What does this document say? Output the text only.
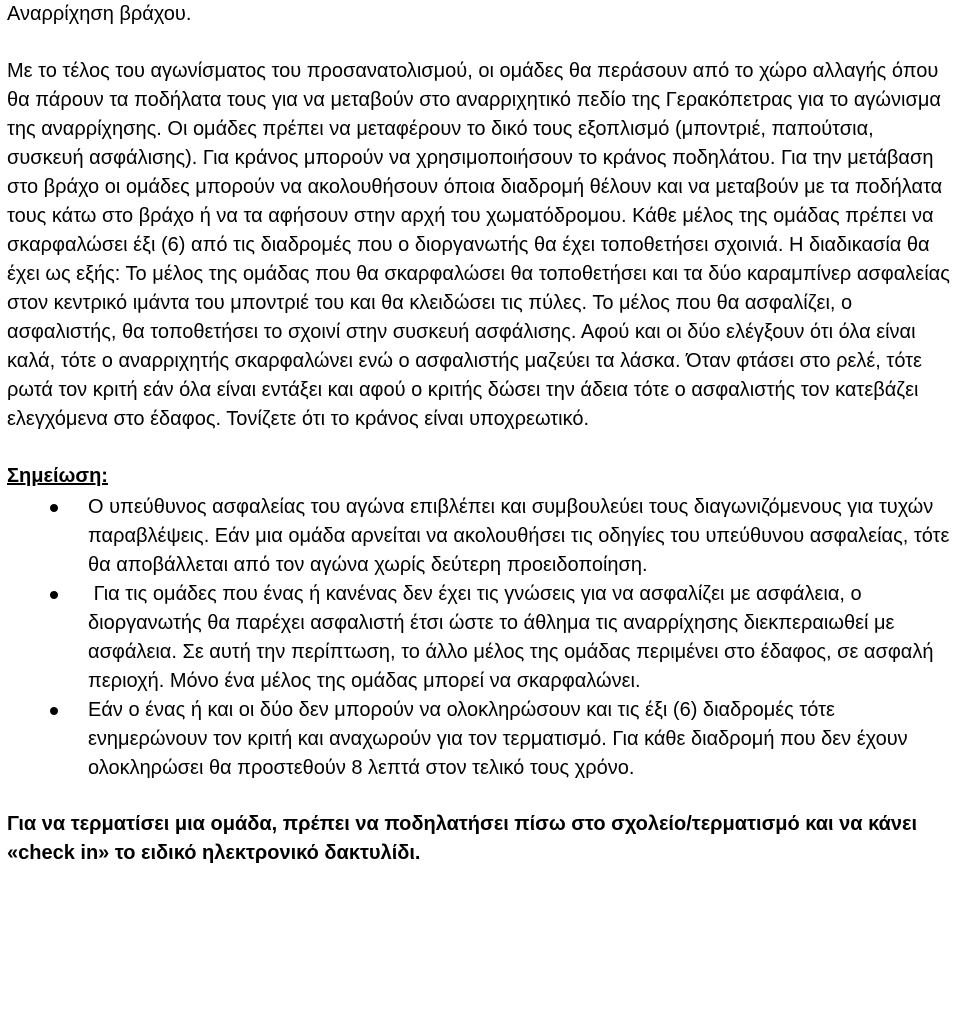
Αναρρίχηση βράχου.

Με το τέλος του αγωνίσματος του προσανατολισμού, οι ομάδες θα περάσουν από το χώρο αλλαγής όπου θα πάρουν τα ποδήλατα τους για να μεταβούν στο αναρριχητικό πεδίο της Γερακόπετρας για το αγώνισμα της αναρρίχησης. Οι ομάδες πρέπει να μεταφέρουν το δικό τους εξοπλισμό (μποντριέ, παπούτσια, συσκευή ασφάλισης). Για κράνος μπορούν να χρησιμοποιήσουν το κράνος ποδηλάτου. Για την μετάβαση στο βράχο οι ομάδες μπορούν να ακολουθήσουν όποια διαδρομή θέλουν και να μεταβούν με τα ποδήλατα τους κάτω στο βράχο ή να τα αφήσουν στην αρχή του χωματόδρομου. Κάθε μέλος της ομάδας πρέπει να σκαρφαλώσει έξι (6) από τις διαδρομές που ο διοργανωτής θα έχει τοποθετήσει σχοινιά. Η διαδικασία θα έχει ως εξής: Το μέλος της ομάδας που θα σκαρφαλώσει θα τοποθετήσει και τα δύο καραμπίνερ ασφαλείας στον κεντρικό ιμάντα του μποντριέ του και θα κλειδώσει τις πύλες. Το μέλος που θα ασφαλίζει, ο ασφαλιστής, θα τοποθετήσει το σχοινί στην συσκευή ασφάλισης. Αφού και οι δύο ελέγξουν ότι όλα είναι καλά, τότε ο αναρριχητής σκαρφαλώνει ενώ ο ασφαλιστής μαζεύει τα λάσκα. Όταν φτάσει στο ρελέ, τότε ρωτά τον κριτή εάν όλα είναι εντάξει και αφού ο κριτής δώσει την άδεια τότε ο ασφαλιστής τον κατεβάζει ελεγχόμενα στο έδαφος. Τονίζετε ότι το κράνος είναι υποχρεωτικό.

Σημείωση:
Ο υπεύθυνος ασφαλείας του αγώνα επιβλέπει και συμβουλεύει τους διαγωνιζόμενους για τυχών παραβλέψεις. Εάν μια ομάδα αρνείται να ακολουθήσει τις οδηγίες του υπεύθυνου ασφαλείας, τότε θα αποβάλλεται από τον αγώνα χωρίς δεύτερη προειδοποίηση.
Για τις ομάδες που ένας ή κανένας δεν έχει τις γνώσεις για να ασφαλίζει με ασφάλεια, ο διοργανωτής θα παρέχει ασφαλιστή έτσι ώστε το άθλημα τις αναρρίχησης διεκπεραιωθεί με ασφάλεια. Σε αυτή την περίπτωση, το άλλο μέλος της ομάδας περιμένει στο έδαφος, σε ασφαλή περιοχή. Μόνο ένα μέλος της ομάδας μπορεί να σκαρφαλώνει.
Εάν ο ένας ή και οι δύο δεν μπορούν να ολοκληρώσουν και τις έξι (6) διαδρομές τότε ενημερώνουν τον κριτή και αναχωρούν για τον τερματισμό. Για κάθε διαδρομή που δεν έχουν ολοκληρώσει θα προστεθούν 8 λεπτά στον τελικό τους χρόνο.

Για να τερματίσει μια ομάδα, πρέπει να ποδηλατήσει πίσω στο σχολείο/τερματισμό και να κάνει «check in» το ειδικό ηλεκτρονικό δακτυλίδι.
